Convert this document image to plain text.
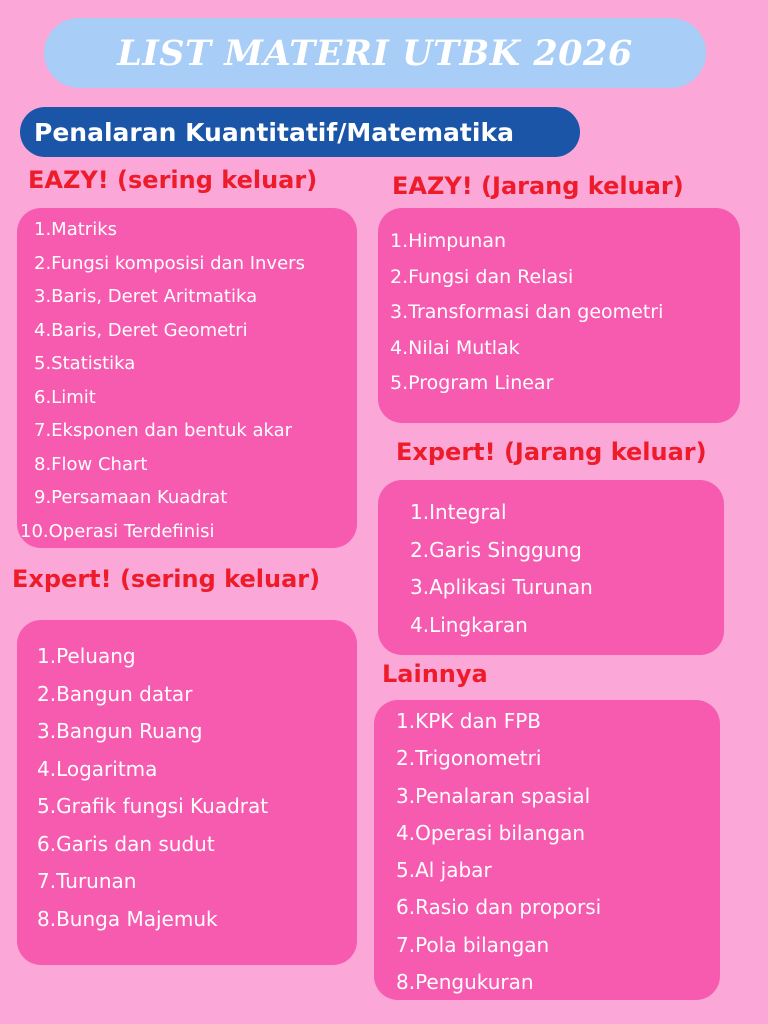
LIST MATERI UTBK 2026
Penalaran Kuantitatif/Matematika
EAZY! (sering keluar)
1.Matriks
2.Fungsi komposisi dan Invers
3.Baris, Deret Aritmatika
4.Baris, Deret Geometri
5.Statistika
6.Limit
7.Eksponen dan bentuk akar
8.Flow Chart
9.Persamaan Kuadrat
10.Operasi Terdefinisi
Expert! (sering keluar)
1.Peluang
2.Bangun datar
3.Bangun Ruang
4.Logaritma
5.Grafik fungsi Kuadrat
6.Garis dan sudut
7.Turunan
8.Bunga Majemuk
EAZY! (Jarang keluar)
1.Himpunan
2.Fungsi dan Relasi
3.Transformasi dan geometri
4.Nilai Mutlak
5.Program Linear
Expert! (Jarang keluar)
1.Integral
2.Garis Singgung
3.Aplikasi Turunan
4.Lingkaran
Lainnya
1.KPK dan FPB
2.Trigonometri
3.Penalaran spasial
4.Operasi bilangan
5.Al jabar
6.Rasio dan proporsi
7.Pola bilangan
8.Pengukuran
